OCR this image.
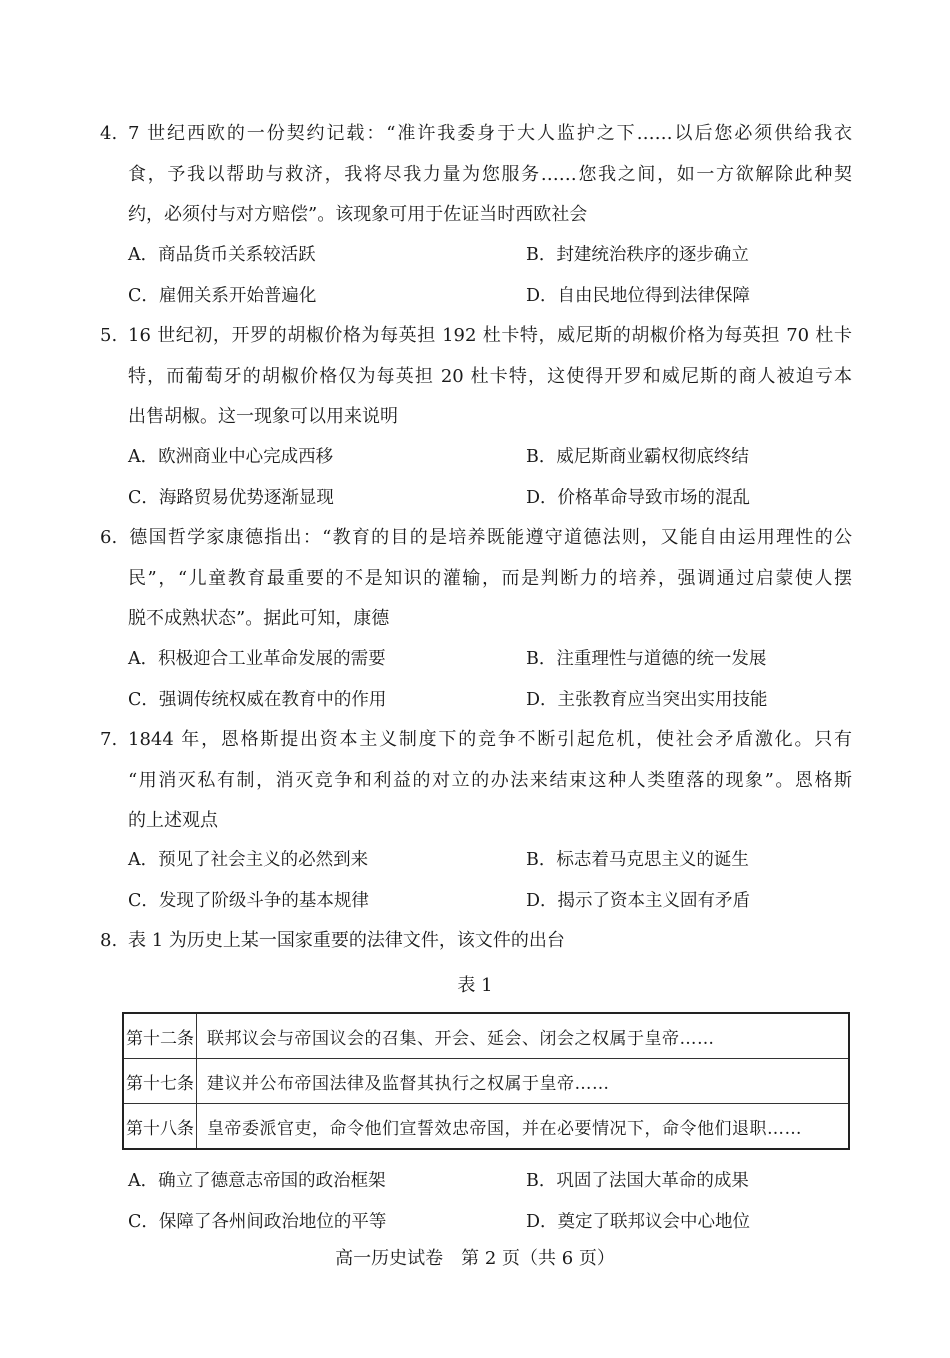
4. 7 世纪西欧的一份契约记载：“准许我委身于大人监护之下……以后您必须供给我衣
食，予我以帮助与救济，我将尽我力量为您服务……您我之间，如一方欲解除此种契
约，必须付与对方赔偿”。该现象可用于佐证当时西欧社会
A．商品货币关系较活跃	B．封建统治秩序的逐步确立
C．雇佣关系开始普遍化	D．自由民地位得到法律保障
5. 16 世纪初，开罗的胡椒价格为每英担 192 杜卡特，威尼斯的胡椒价格为每英担 70 杜卡
特，而葡萄牙的胡椒价格仅为每英担 20 杜卡特，这使得开罗和威尼斯的商人被迫亏本
出售胡椒。这一现象可以用来说明
A．欧洲商业中心完成西移	B．威尼斯商业霸权彻底终结
C．海路贸易优势逐渐显现	D．价格革命导致市场的混乱
6. 德国哲学家康德指出：“教育的目的是培养既能遵守道德法则，又能自由运用理性的公
民”，“儿童教育最重要的不是知识的灌输，而是判断力的培养，强调通过启蒙使人摆
脱不成熟状态”。据此可知，康德
A．积极迎合工业革命发展的需要	B．注重理性与道德的统一发展
C．强调传统权威在教育中的作用	D．主张教育应当突出实用技能
7. 1844 年，恩格斯提出资本主义制度下的竞争不断引起危机，使社会矛盾激化。只有
“用消灭私有制，消灭竞争和利益的对立的办法来结束这种人类堕落的现象”。恩格斯
的上述观点
A．预见了社会主义的必然到来	B．标志着马克思主义的诞生
C．发现了阶级斗争的基本规律	D．揭示了资本主义固有矛盾
8. 表 1 为历史上某一国家重要的法律文件，该文件的出台
表 1
第十二条	联邦议会与帝国议会的召集、开会、延会、闭会之权属于皇帝……
第十七条	建议并公布帝国法律及监督其执行之权属于皇帝……
第十八条	皇帝委派官吏，命令他们宣誓效忠帝国，并在必要情况下，命令他们退职……
A．确立了德意志帝国的政治框架	B．巩固了法国大革命的成果
C．保障了各州间政治地位的平等	D．奠定了联邦议会中心地位
高一历史试卷　第 2 页（共 6 页）
